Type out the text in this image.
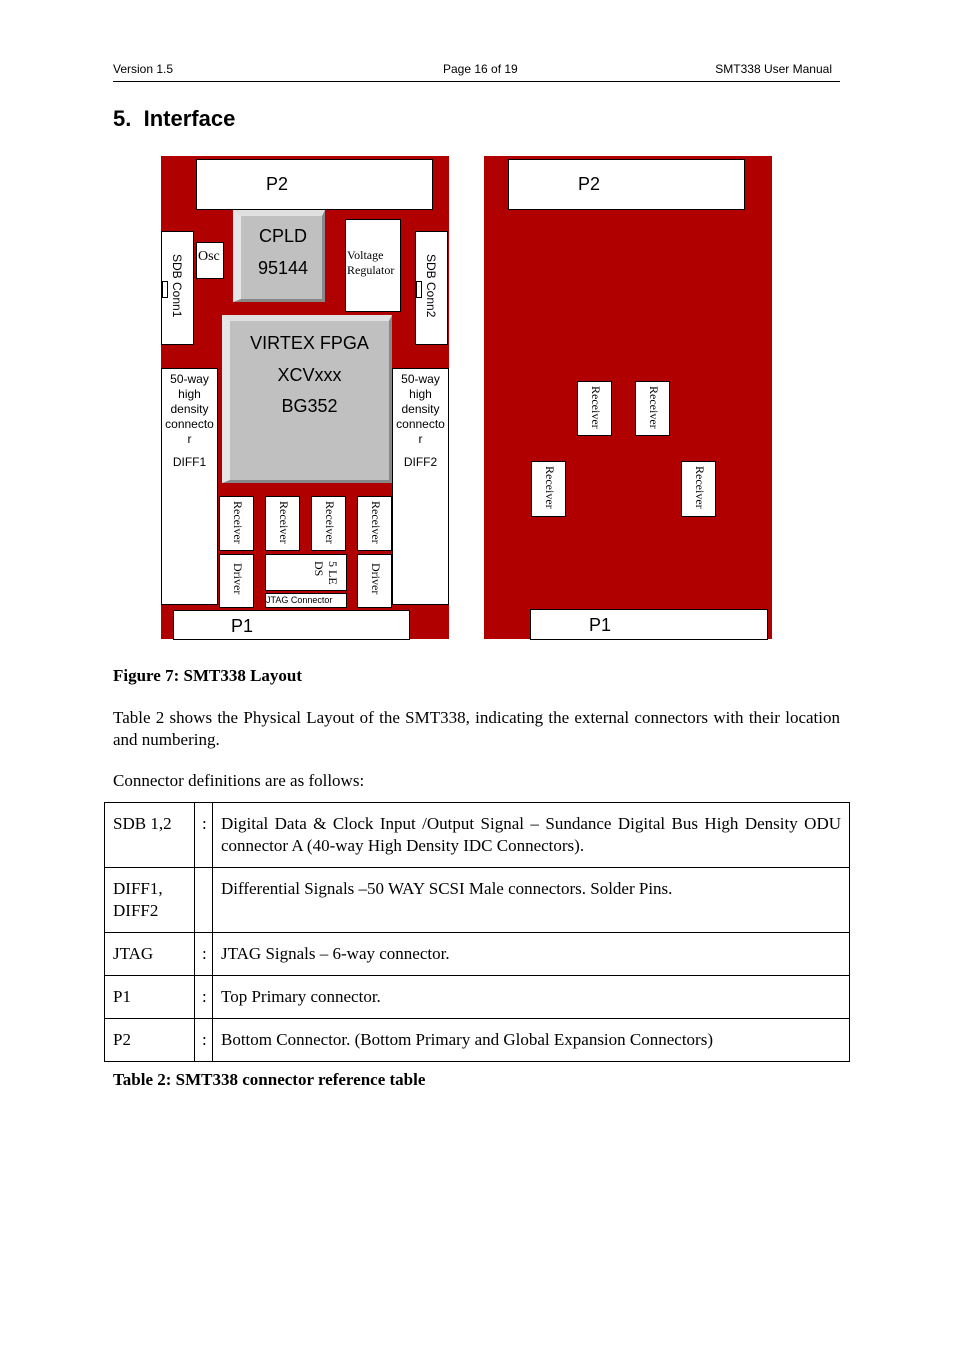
Version 1.5	Page 16 of 19	SMT338 User Manual
5. Interface
P2
SDB Conn1 Osc
CPLD
95144
Voltage
Regulator SDB Conn2
VIRTEX FPGA
XCVxxx
BG352
50-way
high
density
connecto
r
DIFF1
50-way
high
density
connecto
r
DIFF2
Receiver	Receiver	Receiver	Receiver
Driver	Driver
5 LE
DS
JTAG Connector
P1
P2
Receiver	Receiver
Receiver	Receiver
P1
Figure 7: SMT338 Layout
Table 2 shows the Physical Layout of the SMT338, indicating the external connectors with their location and numbering.
Connector definitions are as follows:
SDB 1,2	:	Digital Data & Clock Input /Output Signal – Sundance Digital Bus High Density ODU connector A (40-way High Density IDC Connectors).
DIFF1, DIFF2		Differential Signals –50 WAY SCSI Male connectors. Solder Pins.
JTAG	:	JTAG Signals – 6-way connector.
P1	:	Top Primary connector.
P2	:	Bottom Connector. (Bottom Primary and Global Expansion Connectors)
Table 2: SMT338 connector reference table
